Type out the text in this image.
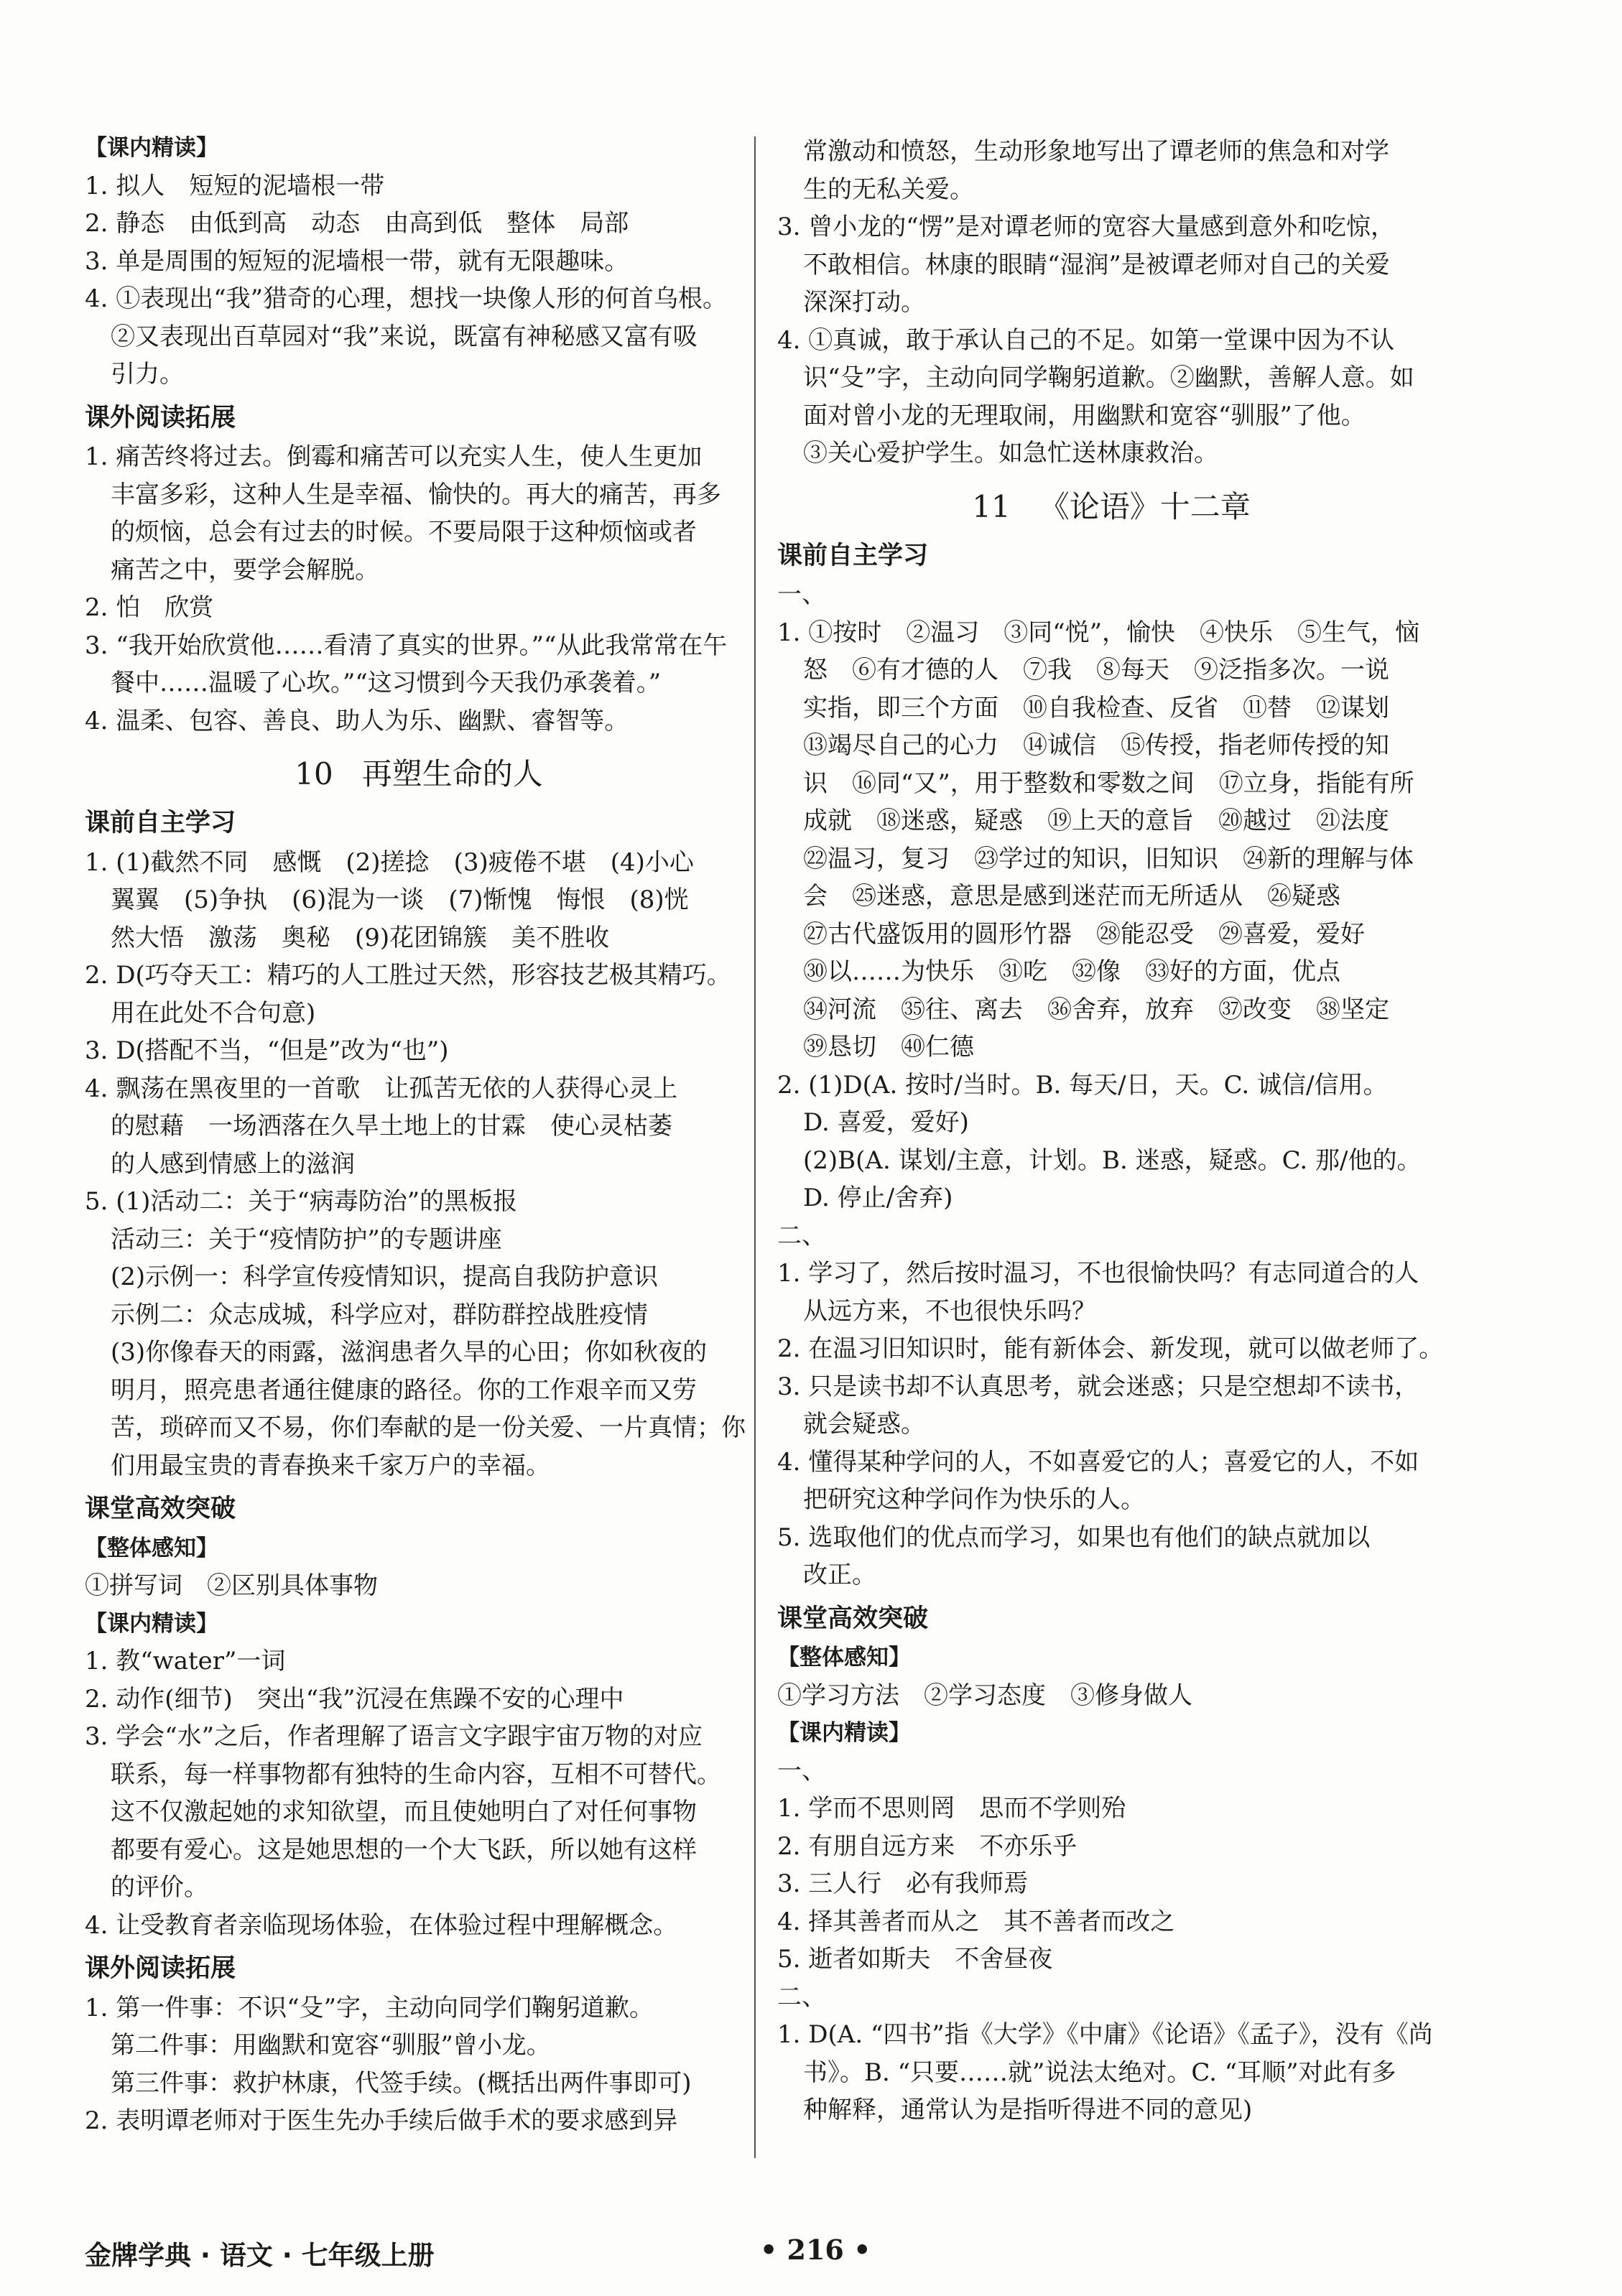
【课内精读】
1. 拟人　短短的泥墙根一带
2. 静态　由低到高　动态　由高到低　整体　局部
3. 单是周围的短短的泥墙根一带，就有无限趣味。
4. ①表现出“我”猎奇的心理，想找一块像人形的何首乌根。
②又表现出百草园对“我”来说，既富有神秘感又富有吸
引力。
课外阅读拓展
1. 痛苦终将过去。倒霉和痛苦可以充实人生，使人生更加
丰富多彩，这种人生是幸福、愉快的。再大的痛苦，再多
的烦恼，总会有过去的时候。不要局限于这种烦恼或者
痛苦之中，要学会解脱。
2. 怕　欣赏
3. “我开始欣赏他……看清了真实的世界。”“从此我常常在午
餐中……温暖了心坎。”“这习惯到今天我仍承袭着。”
4. 温柔、包容、善良、助人为乐、幽默、睿智等。
10 再塑生命的人
课前自主学习
1. (1)截然不同　感慨　(2)搓捻　(3)疲倦不堪　(4)小心
翼翼　(5)争执　(6)混为一谈　(7)惭愧　悔恨　(8)恍
然大悟　激荡　奥秘　(9)花团锦簇　美不胜收
2. D(巧夺天工：精巧的人工胜过天然，形容技艺极其精巧。
用在此处不合句意)
3. D(搭配不当，“但是”改为“也”)
4. 飘荡在黑夜里的一首歌　让孤苦无依的人获得心灵上
的慰藉　一场洒落在久旱土地上的甘霖　使心灵枯萎
的人感到情感上的滋润
5. (1)活动二：关于“病毒防治”的黑板报
活动三：关于“疫情防护”的专题讲座
(2)示例一：科学宣传疫情知识，提高自我防护意识
示例二：众志成城，科学应对，群防群控战胜疫情
(3)你像春天的雨露，滋润患者久旱的心田；你如秋夜的
明月，照亮患者通往健康的路径。你的工作艰辛而又劳
苦，琐碎而又不易，你们奉献的是一份关爱、一片真情；你
们用最宝贵的青春换来千家万户的幸福。
课堂高效突破
【整体感知】
①拼写词　②区别具体事物
【课内精读】
1. 教“water”一词
2. 动作(细节)　突出“我”沉浸在焦躁不安的心理中
3. 学会“水”之后，作者理解了语言文字跟宇宙万物的对应
联系，每一样事物都有独特的生命内容，互相不可替代。
这不仅激起她的求知欲望，而且使她明白了对任何事物
都要有爱心。这是她思想的一个大飞跃，所以她有这样
的评价。
4. 让受教育者亲临现场体验，在体验过程中理解概念。
课外阅读拓展
1. 第一件事：不识“殳”字，主动向同学们鞠躬道歉。
第二件事：用幽默和宽容“驯服”曾小龙。
第三件事：救护林康，代签手续。(概括出两件事即可)
2. 表明谭老师对于医生先办手续后做手术的要求感到异
常激动和愤怒，生动形象地写出了谭老师的焦急和对学
生的无私关爱。
3. 曾小龙的“愣”是对谭老师的宽容大量感到意外和吃惊，
不敢相信。林康的眼睛“湿润”是被谭老师对自己的关爱
深深打动。
4. ①真诚，敢于承认自己的不足。如第一堂课中因为不认
识“殳”字，主动向同学鞠躬道歉。②幽默，善解人意。如
面对曾小龙的无理取闹，用幽默和宽容“驯服”了他。
③关心爱护学生。如急忙送林康救治。
11 《论语》十二章
课前自主学习
一、
1. ①按时　②温习　③同“悦”，愉快　④快乐　⑤生气，恼
怒　⑥有才德的人　⑦我　⑧每天　⑨泛指多次。一说
实指，即三个方面　⑩自我检查、反省　⑪替　⑫谋划
⑬竭尽自己的心力　⑭诚信　⑮传授，指老师传授的知
识　⑯同“又”，用于整数和零数之间　⑰立身，指能有所
成就　⑱迷惑，疑惑　⑲上天的意旨　⑳越过　㉑法度
㉒温习，复习　㉓学过的知识，旧知识　㉔新的理解与体
会　㉕迷惑，意思是感到迷茫而无所适从　㉖疑惑
㉗古代盛饭用的圆形竹器　㉘能忍受　㉙喜爱，爱好
㉚以……为快乐　㉛吃　㉜像　㉝好的方面，优点
㉞河流　㉟往、离去　㊱舍弃，放弃　㊲改变　㊳坚定
㊴恳切　㊵仁德
2. (1)D(A. 按时/当时。B. 每天/日，天。C. 诚信/信用。
D. 喜爱，爱好)
(2)B(A. 谋划/主意，计划。B. 迷惑，疑惑。C. 那/他的。
D. 停止/舍弃)
二、
1. 学习了，然后按时温习，不也很愉快吗？有志同道合的人
从远方来，不也很快乐吗？
2. 在温习旧知识时，能有新体会、新发现，就可以做老师了。
3. 只是读书却不认真思考，就会迷惑；只是空想却不读书，
就会疑惑。
4. 懂得某种学问的人，不如喜爱它的人；喜爱它的人，不如
把研究这种学问作为快乐的人。
5. 选取他们的优点而学习，如果也有他们的缺点就加以
改正。
课堂高效突破
【整体感知】
①学习方法　②学习态度　③修身做人
【课内精读】
一、
1. 学而不思则罔　思而不学则殆
2. 有朋自远方来　不亦乐乎
3. 三人行　必有我师焉
4. 择其善者而从之　其不善者而改之
5. 逝者如斯夫　不舍昼夜
二、
1. D(A. “四书”指《大学》《中庸》《论语》《孟子》，没有《尚
书》。B. “只要……就”说法太绝对。C. “耳顺”对此有多
种解释，通常认为是指听得进不同的意见)
金牌学典 · 语文 · 七年级上册	• 216 •
